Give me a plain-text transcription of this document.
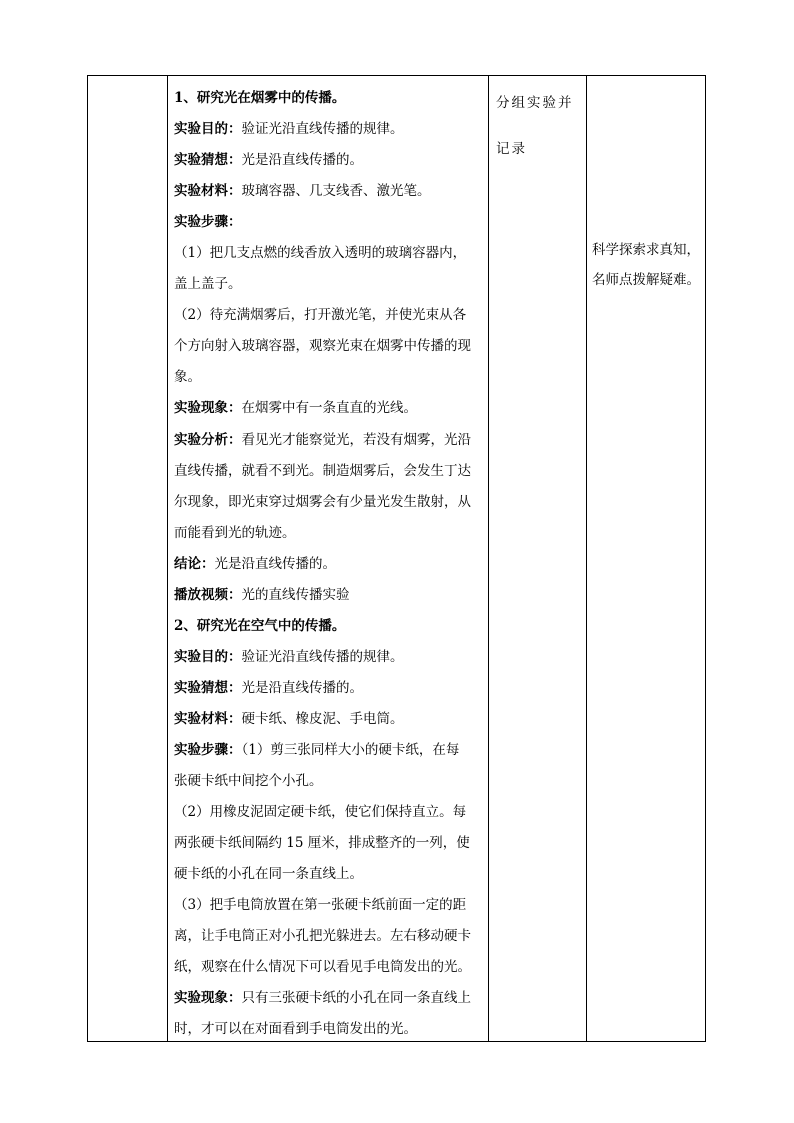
1、研究光在烟雾中的传播。
实验目的：验证光沿直线传播的规律。
实验猜想：光是沿直线传播的。
实验材料：玻璃容器、几支线香、激光笔。
实验步骤：
（1）把几支点燃的线香放入透明的玻璃容器内，
盖上盖子。
（2）待充满烟雾后，打开激光笔，并使光束从各
个方向射入玻璃容器，观察光束在烟雾中传播的现
象。
实验现象：在烟雾中有一条直直的光线。
实验分析：看见光才能察觉光，若没有烟雾，光沿
直线传播，就看不到光。制造烟雾后，会发生丁达
尔现象，即光束穿过烟雾会有少量光发生散射，从
而能看到光的轨迹。
结论：光是沿直线传播的。
播放视频：光的直线传播实验
2、研究光在空气中的传播。
实验目的：验证光沿直线传播的规律。
实验猜想：光是沿直线传播的。
实验材料：硬卡纸、橡皮泥、手电筒。
实验步骤：（1）剪三张同样大小的硬卡纸，在每
张硬卡纸中间挖个小孔。
（2）用橡皮泥固定硬卡纸，使它们保持直立。每
两张硬卡纸间隔约 15 厘米，排成整齐的一列，使
硬卡纸的小孔在同一条直线上。
（3）把手电筒放置在第一张硬卡纸前面一定的距
离，让手电筒正对小孔把光躲进去。左右移动硬卡
纸，观察在什么情况下可以看见手电筒发出的光。
实验现象：只有三张硬卡纸的小孔在同一条直线上
时，才可以在对面看到手电筒发出的光。
分组实验并
记录
科学探索求真知，
名师点拨解疑难。
